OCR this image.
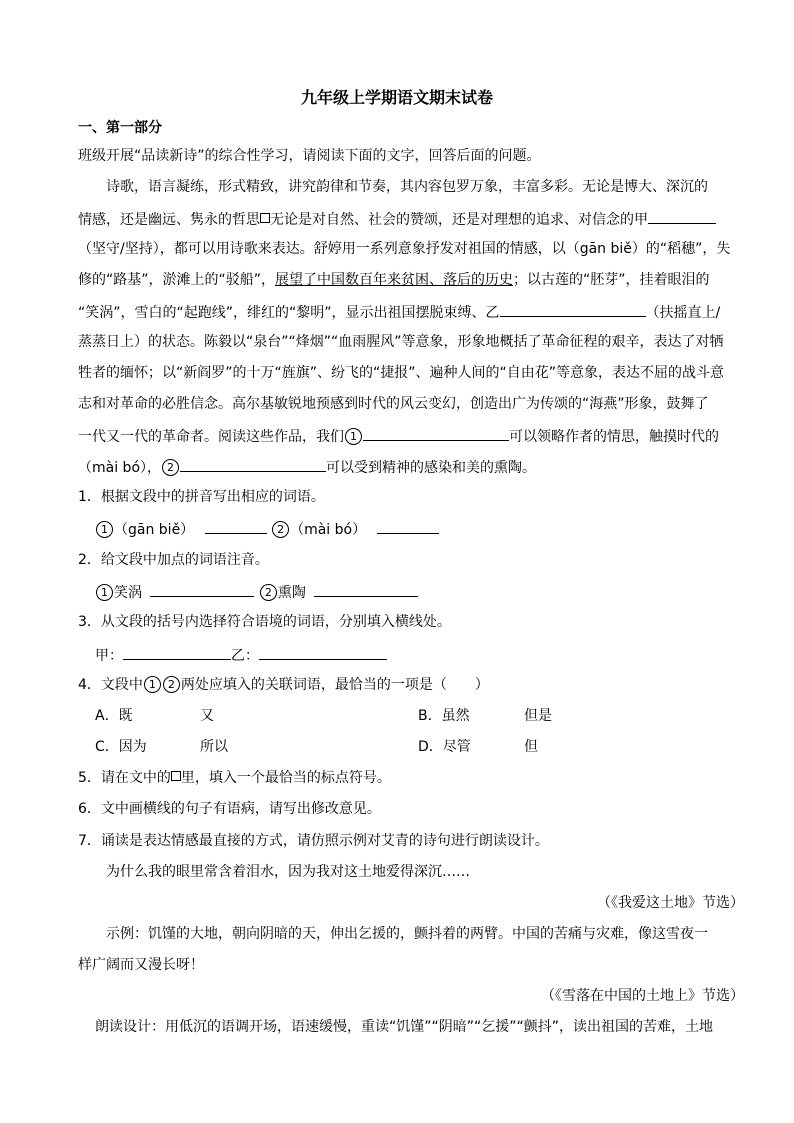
九年级上学期语文期末试卷
一、第一部分
班级开展“品读新诗”的综合性学习，请阅读下面的文字，回答后面的问题。
诗歌，语言凝练，形式精致，讲究韵律和节奏，其内容包罗万象，丰富多彩。无论是博大、深沉的
情感，还是幽远、隽永的哲思 无论是对自然、社会的赞颂，还是对理想的追求、对信念的甲
（坚守/坚持），都可以用诗歌来表达。舒婷用一系列意象抒发对祖国的情感，以（gān biě）的“稻穗”，失
修的“路基”，淤滩上的“驳船”，展望了中国数百年来贫困、落后的历史；以古莲的“胚芽”，挂着眼泪的
“笑涡”，雪白的“起跑线”，绯红的“黎明”，显示出祖国摆脱束缚、乙	（扶摇直上/
蒸蒸日上）的状态。陈毅以“泉台”“烽烟”“血雨腥风”等意象，形象地概括了革命征程的艰辛，表达了对牺
牲者的缅怀；以“新阎罗”的十万“旌旗”、纷飞的“捷报”、遍种人间的“自由花”等意象，表达不屈的战斗意
志和对革命的必胜信念。高尔基敏锐地预感到时代的风云变幻，创造出广为传颂的“海燕”形象，鼓舞了
一代又一代的革命者。阅读这些作品，我们 1	可以领略作者的情思，触摸时代的
（mài bó）， 2	可以受到精神的感染和美的熏陶。
1．根据文段中的拼音写出相应的词语。
1 （gān biě）	2 （mài bó）
2．给文段中加点的词语注音。
1 笑涡	2 熏陶
3．从文段的括号内选择符合语境的词语，分别填入横线处。
甲：	乙：
4．文段中 1 2 两处应填入的关联词语，最恰当的一项是（　　）
A．既	又	B．虽然	但是
C．因为	所以	D．尽管	但
5．请在文中的 里，填入一个最恰当的标点符号。
6．文中画横线的句子有语病，请写出修改意见。
7．诵读是表达情感最直接的方式，请仿照示例对艾青的诗句进行朗读设计。
为什么我的眼里常含着泪水，因为我对这土地爱得深沉……
（《我爱这土地》节选）
示例：饥馑的大地，朝向阴暗的天，伸出乞援的，颤抖着的两臂。中国的苦痛与灾难，像这雪夜一
样广阔而又漫长呀！
（《雪落在中国的土地上》节选）
朗读设计：用低沉的语调开场，语速缓慢，重读“饥馑”“阴暗”“乞援”“颤抖”，读出祖国的苦难，土地
